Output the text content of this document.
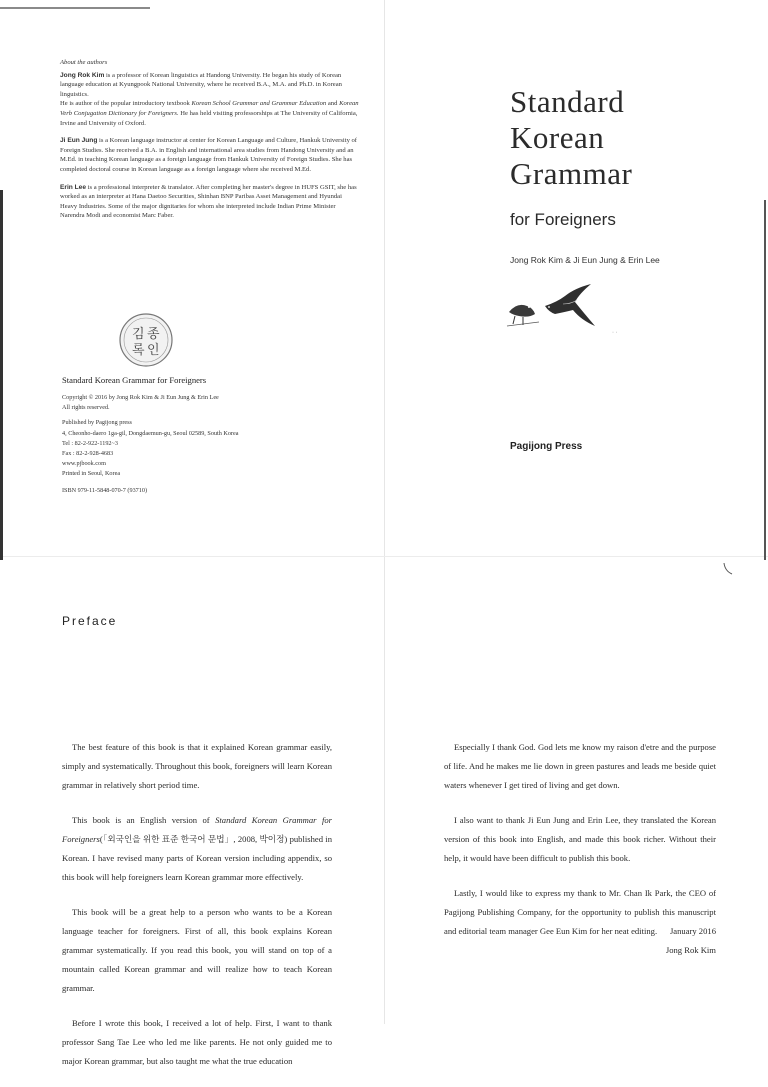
About the authors
Jong Rok Kim is a professor of Korean linguistics at Handong University. He began his study of Korean language education at Kyungpook National University, where he received B.A., M.A. and Ph.D. in Korean linguistics.
He is author of the popular introductory textbook Korean School Grammar and Grammar Education and Korean Verb Conjugation Dictionary for Foreigners. He has held visiting professorships at The University of California, Irvine and University of Oxford.
Ji Eun Jung is a Korean language instructor at center for Korean Language and Culture, Hankuk University of Foreign Studies. She received a B.A. in English and international area studies from Handong University and an M.Ed. in teaching Korean language as a foreign language from Hankuk University of Foreign Studies. She has completed doctoral course in Korean language as a foreign language where she received M.Ed.
Erin Lee is a professional interpreter & translator. After completing her master's degree in HUFS GSIT, she has worked as an interpreter at Hana Daetoo Securities, Shinhan BNP Paribas Asset Management and Hyundai Heavy Industries. Some of the major dignitaries for whom she interpreted include Indian Prime Minister Narendra Modi and economist Marc Faber.
김 종
록 인
Standard Korean Grammar for Foreigners
Copyright © 2016 by Jong Rok Kim & Ji Eun Jung & Erin Lee
All rights reserved.
Published by Pagijong press
4, Cheonho-daero 1ga-gil, Dongdaemun-gu, Seoul 02589, South Korea
Tel : 82-2-922-1192~3
Fax : 82-2-928-4683
www.pjbook.com
Printed in Seoul, Korea
ISBN 979-11-5848-070-7 (93710)
Standard
Korean
Grammar
for Foreigners
Jong Rok Kim & Ji Eun Jung & Erin Lee
· ·
Pagijong Press
Preface

The best feature of this book is that it explained Korean grammar easily, simply and systematically. Throughout this book, foreigners will learn Korean grammar in relatively short period time.

This book is an English version of Standard Korean Grammar for Foreigners(「외국인을 위한 표준 한국어 문법」, 2008, 박이정) published in Korean. I have revised many parts of Korean version including appendix, so this book will help foreigners learn Korean grammar more effectively.

This book will be a great help to a person who wants to be a Korean language teacher for foreigners. First of all, this book explains Korean grammar systematically. If you read this book, you will stand on top of a mountain called Korean grammar and will realize how to teach Korean grammar.

Before I wrote this book, I received a lot of help. First, I want to thank professor Sang Tae Lee who led me like parents. He not only guided me to major Korean grammar, but also taught me what the true education

Especially I thank God. God lets me know my raison d'etre and the purpose of life. And he makes me lie down in green pastures and leads me beside quiet waters whenever I get tired of living and get down.

I also want to thank Ji Eun Jung and Erin Lee, they translated the Korean version of this book into English, and made this book richer. Without their help, it would have been difficult to publish this book.

Lastly, I would like to express my thank to Mr. Chan Ik Park, the CEO of Pagijong Publishing Company, for the opportunity to publish this manuscript and editorial team manager Gee Eun Kim for her neat editing.	January 2016
Jong Rok Kim
